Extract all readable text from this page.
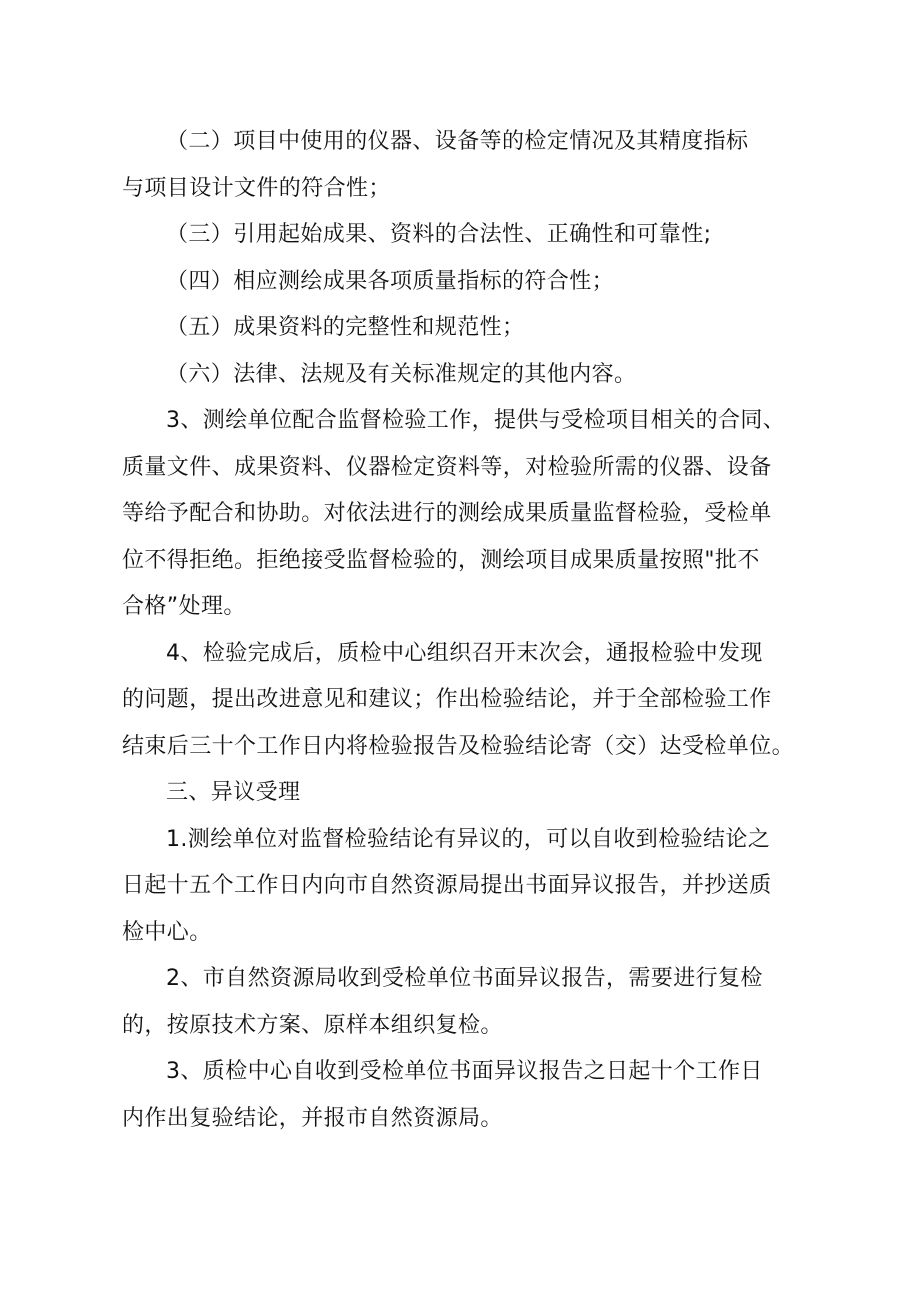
（二）项目中使用的仪器、设备等的检定情况及其精度指标
与项目设计文件的符合性；
（三）引用起始成果、资料的合法性、正确性和可靠性;
（四）相应测绘成果各项质量指标的符合性；
（五）成果资料的完整性和规范性；
（六）法律、法规及有关标准规定的其他内容。
3、测绘单位配合监督检验工作，提供与受检项目相关的合同、
质量文件、成果资料、仪器检定资料等，对检验所需的仪器、设备
等给予配合和协助。对依法进行的测绘成果质量监督检验，受检单
位不得拒绝。拒绝接受监督检验的，测绘项目成果质量按照"批不
合格”处理。
4、检验完成后，质检中心组织召开末次会，通报检验中发现
的问题，提出改进意见和建议；作出检验结论，并于全部检验工作
结束后三十个工作日内将检验报告及检验结论寄（交）达受检单位。
三、异议受理
1.测绘单位对监督检验结论有异议的，可以自收到检验结论之
日起十五个工作日内向市自然资源局提出书面异议报告，并抄送质
检中心。
2、市自然资源局收到受检单位书面异议报告，需要进行复检
的，按原技术方案、原样本组织复检。
3、质检中心自收到受检单位书面异议报告之日起十个工作日
内作出复验结论，并报市自然资源局。
